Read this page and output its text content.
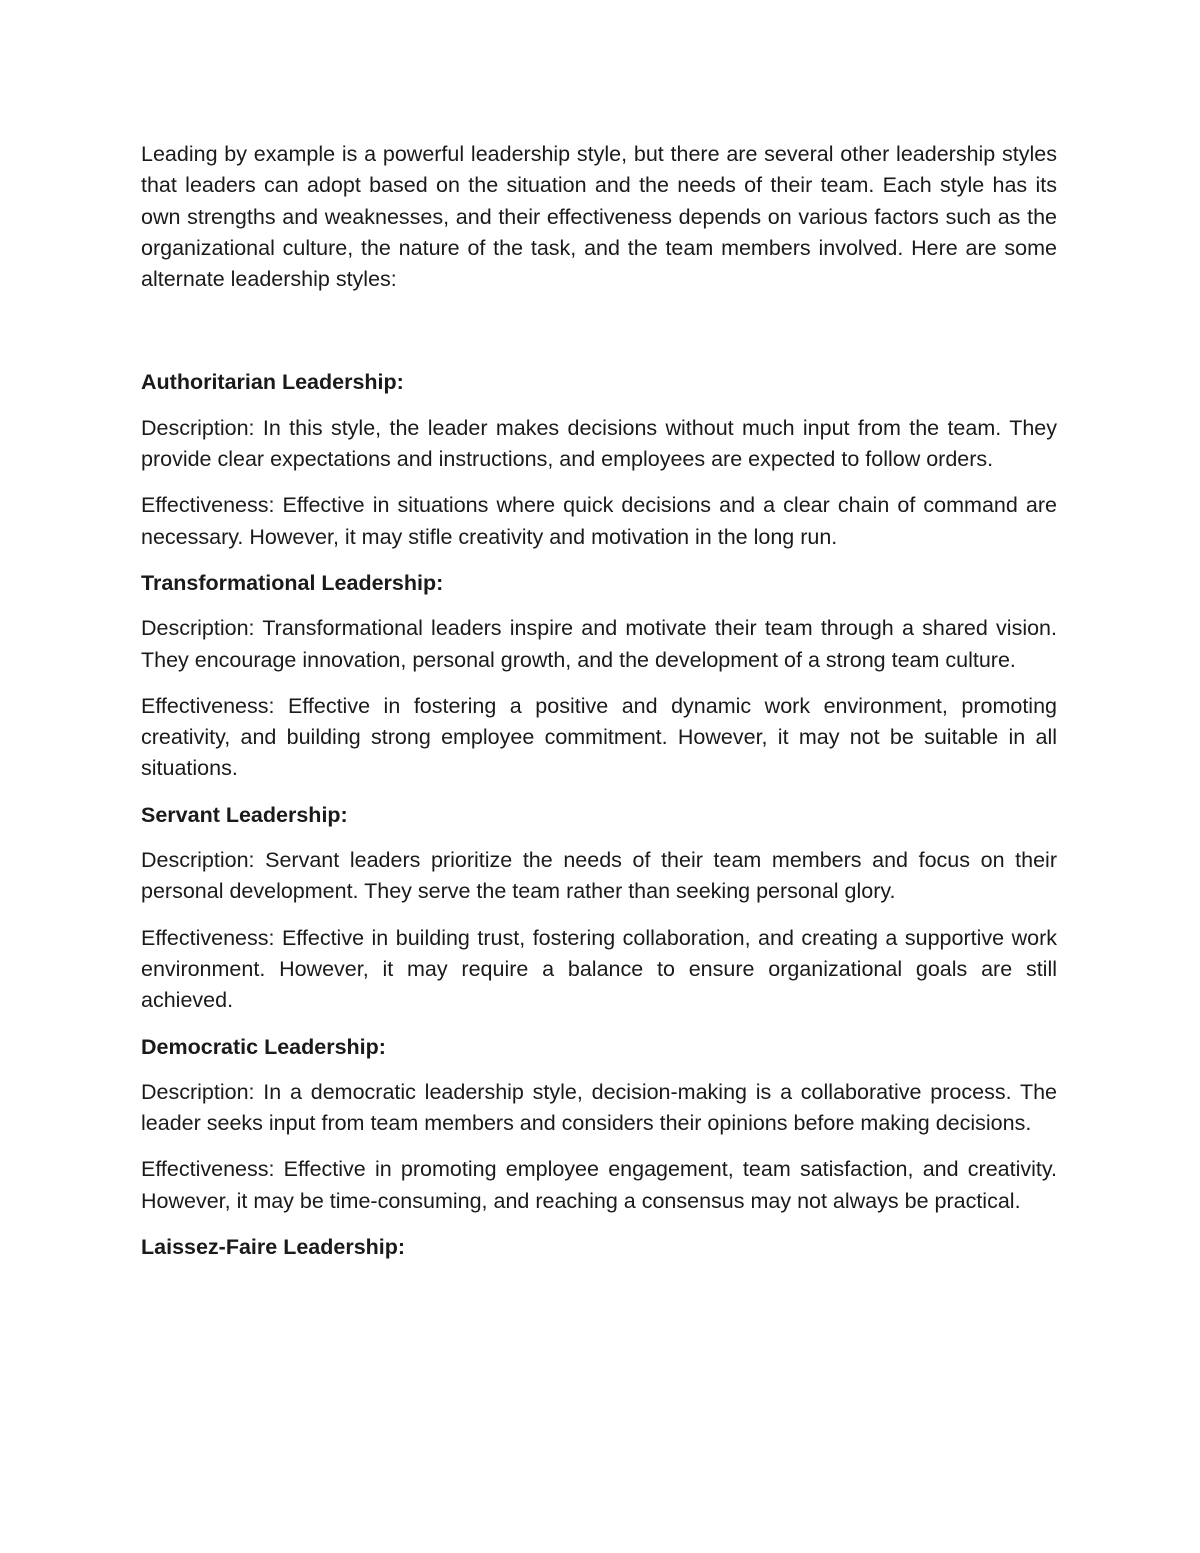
Leading by example is a powerful leadership style, but there are several other leadership styles that leaders can adopt based on the situation and the needs of their team. Each style has its own strengths and weaknesses, and their effectiveness depends on various factors such as the organizational culture, the nature of the task, and the team members involved. Here are some alternate leadership styles:

Authoritarian Leadership:

Description: In this style, the leader makes decisions without much input from the team. They provide clear expectations and instructions, and employees are expected to follow orders.

Effectiveness: Effective in situations where quick decisions and a clear chain of command are necessary. However, it may stifle creativity and motivation in the long run.

Transformational Leadership:

Description: Transformational leaders inspire and motivate their team through a shared vision. They encourage innovation, personal growth, and the development of a strong team culture.

Effectiveness: Effective in fostering a positive and dynamic work environment, promoting creativity, and building strong employee commitment. However, it may not be suitable in all situations.

Servant Leadership:

Description: Servant leaders prioritize the needs of their team members and focus on their personal development. They serve the team rather than seeking personal glory.

Effectiveness: Effective in building trust, fostering collaboration, and creating a supportive work environment. However, it may require a balance to ensure organizational goals are still achieved.

Democratic Leadership:

Description: In a democratic leadership style, decision-making is a collaborative process. The leader seeks input from team members and considers their opinions before making decisions.

Effectiveness: Effective in promoting employee engagement, team satisfaction, and creativity. However, it may be time-consuming, and reaching a consensus may not always be practical.

Laissez-Faire Leadership:
